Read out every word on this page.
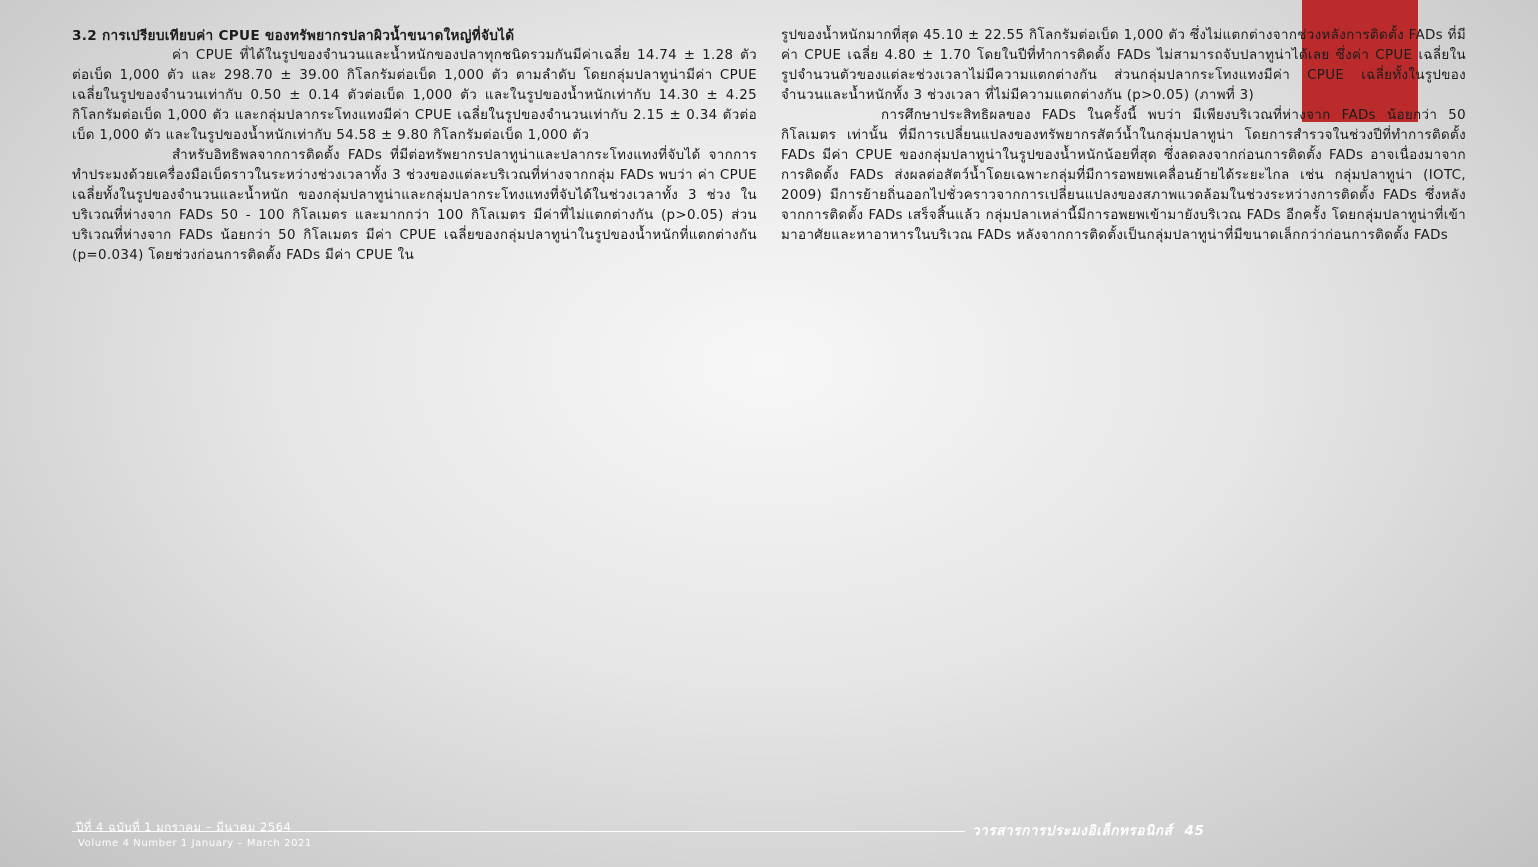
3.2 การเปรียบเทียบค่า CPUE ของทรัพยากรปลาผิวน้ำขนาดใหญ่ที่จับได้

ค่า CPUE ที่ได้ในรูปของจำนวนและน้ำหนักของปลาทุกชนิดรวมกันมีค่าเฉลี่ย 14.74 ± 1.28 ตัวต่อเบ็ด 1,000 ตัว และ 298.70 ± 39.00 กิโลกรัมต่อเบ็ด 1,000 ตัว ตามลำดับ โดยกลุ่มปลาทูน่ามีค่า CPUE เฉลี่ยในรูปของจำนวนเท่ากับ 0.50 ± 0.14 ตัวต่อเบ็ด 1,000 ตัว และในรูปของน้ำหนักเท่ากับ 14.30 ± 4.25 กิโลกรัมต่อเบ็ด 1,000 ตัว และกลุ่มปลากระโทงแทงมีค่า CPUE เฉลี่ยในรูปของจำนวนเท่ากับ 2.15 ± 0.34 ตัวต่อเบ็ด 1,000 ตัว และในรูปของน้ำหนักเท่ากับ 54.58 ± 9.80 กิโลกรัมต่อเบ็ด 1,000 ตัว

สำหรับอิทธิพลจากการติดตั้ง FADs ที่มีต่อทรัพยากรปลาทูน่าและปลากระโทงแทงที่จับได้ จากการทำประมงด้วยเครื่องมือเบ็ดราวในระหว่างช่วงเวลาทั้ง 3 ช่วงของแต่ละบริเวณที่ห่างจากกลุ่ม FADs พบว่า ค่า CPUE เฉลี่ยทั้งในรูปของจำนวนและน้ำหนัก ของกลุ่มปลาทูน่าและกลุ่มปลากระโทงแทงที่จับได้ในช่วงเวลาทั้ง 3 ช่วง ในบริเวณที่ห่างจาก FADs 50 - 100 กิโลเมตร และมากกว่า 100 กิโลเมตร มีค่าที่ไม่แตกต่างกัน (p>0.05) ส่วนบริเวณที่ห่างจาก FADs น้อยกว่า 50 กิโลเมตร มีค่า CPUE เฉลี่ยของกลุ่มปลาทูน่าในรูปของน้ำหนักที่แตกต่างกัน (p=0.034) โดยช่วงก่อนการติดตั้ง FADs มีค่า CPUE ใน

รูปของน้ำหนักมากที่สุด 45.10 ± 22.55 กิโลกรัมต่อเบ็ด 1,000 ตัว ซึ่งไม่แตกต่างจากช่วงหลังการติดตั้ง FADs ที่มีค่า CPUE เฉลี่ย 4.80 ± 1.70 โดยในปีที่ทำการติดตั้ง FADs ไม่สามารถจับปลาทูน่าได้เลย ซึ่งค่า CPUE เฉลี่ยในรูปจำนวนตัวของแต่ละช่วงเวลาไม่มีความแตกต่างกัน ส่วนกลุ่มปลากระโทงแทงมีค่า CPUE เฉลี่ยทั้งในรูปของจำนวนและน้ำหนักทั้ง 3 ช่วงเวลา ที่ไม่มีความแตกต่างกัน (p>0.05) (ภาพที่ 3)

การศึกษาประสิทธิผลของ FADs ในครั้งนี้ พบว่า มีเพียงบริเวณที่ห่างจาก FADs น้อยกว่า 50 กิโลเมตร เท่านั้น ที่มีการเปลี่ยนแปลงของทรัพยากรสัตว์น้ำในกลุ่มปลาทูน่า โดยการสำรวจในช่วงปีที่ทำการติดตั้ง FADs มีค่า CPUE ของกลุ่มปลาทูน่าในรูปของน้ำหนักน้อยที่สุด ซึ่งลดลงจากก่อนการติดตั้ง FADs อาจเนื่องมาจากการติดตั้ง FADs ส่งผลต่อสัตว์น้ำโดยเฉพาะกลุ่มที่มีการอพยพเคลื่อนย้ายได้ระยะไกล เช่น กลุ่มปลาทูน่า (IOTC, 2009) มีการย้ายถิ่นออกไปชั่วคราวจากการเปลี่ยนแปลงของสภาพแวดล้อมในช่วงระหว่างการติดตั้ง FADs ซึ่งหลังจากการติดตั้ง FADs เสร็จสิ้นแล้ว กลุ่มปลาเหล่านี้มีการอพยพเข้ามายังบริเวณ FADs อีกครั้ง โดยกลุ่มปลาทูน่าที่เข้ามาอาศัยและหาอาหารในบริเวณ FADs หลังจากการติดตั้งเป็นกลุ่มปลาทูน่าที่มีขนาดเล็กกว่าก่อนการติดตั้ง FADs

ปีที่ 4 ฉบับที่ 1 มกราคม – มีนาคม 2564
Volume 4 Number 1 January – March 2021
วารสารการประมงอิเล็กทรอนิกส์ 45
